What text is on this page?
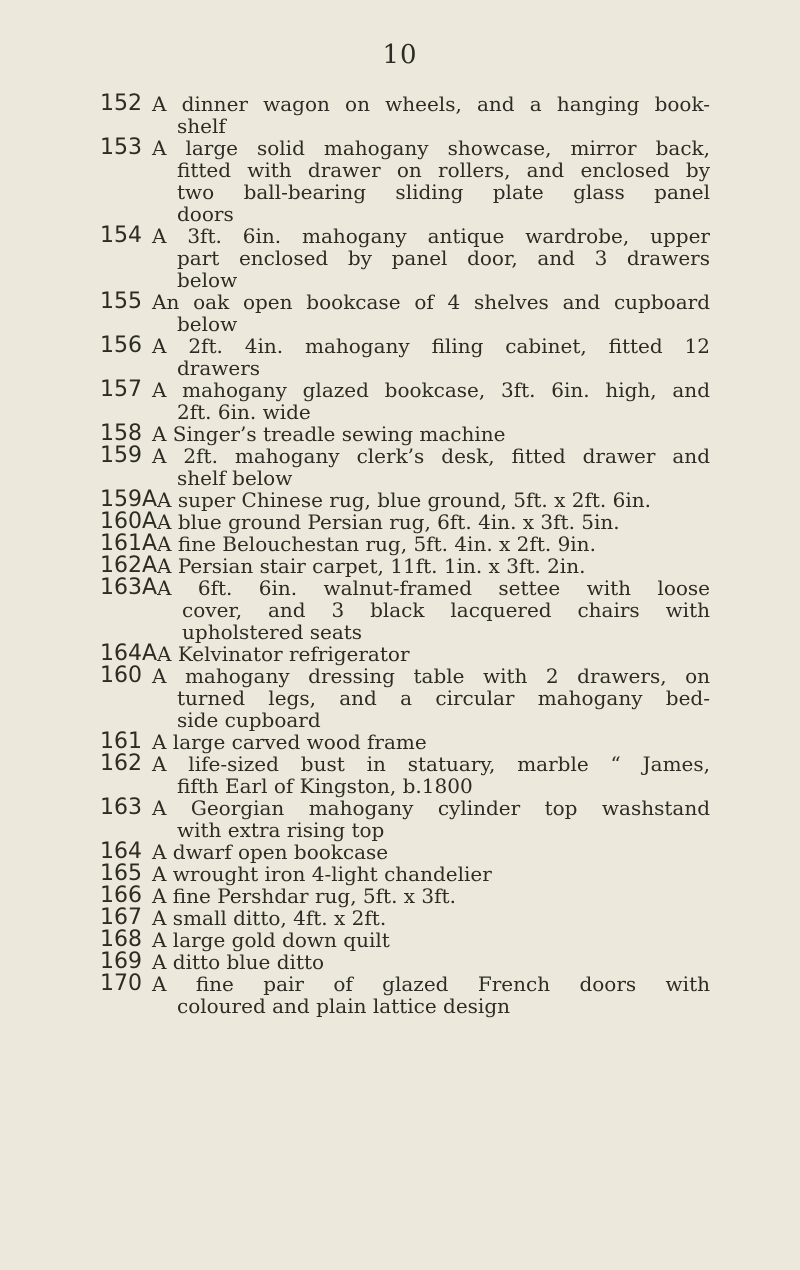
10
152 A dinner wagon on wheels, and a hanging book-
shelf
153 A large solid mahogany showcase, mirror back,
fitted with drawer on rollers, and enclosed by
two ball-bearing sliding plate glass panel
doors
154 A 3ft. 6in. mahogany antique wardrobe, upper
part enclosed by panel door, and 3 drawers
below
155 An oak open bookcase of 4 shelves and cupboard
below
156 A 2ft. 4in. mahogany filing cabinet, fitted 12
drawers
157 A mahogany glazed bookcase, 3ft. 6in. high, and
2ft. 6in. wide
158 A Singer’s treadle sewing machine
159 A 2ft. mahogany clerk’s desk, fitted drawer and
shelf below
159A A super Chinese rug, blue ground, 5ft. x 2ft. 6in.
160A A blue ground Persian rug, 6ft. 4in. x 3ft. 5in.
161A A fine Belouchestan rug, 5ft. 4in. x 2ft. 9in.
162A A Persian stair carpet, 11ft. 1in. x 3ft. 2in.
163A A 6ft. 6in. walnut-framed settee with loose
cover, and 3 black lacquered chairs with
upholstered seats
164A A Kelvinator refrigerator
160 A mahogany dressing table with 2 drawers, on
turned legs, and a circular mahogany bed-
side cupboard
161 A large carved wood frame
162 A life-sized bust in statuary, marble “ James,
fifth Earl of Kingston, b.1800
163 A Georgian mahogany cylinder top washstand
with extra rising top
164 A dwarf open bookcase
165 A wrought iron 4-light chandelier
166 A fine Pershdar rug, 5ft. x 3ft.
167 A small ditto, 4ft. x 2ft.
168 A large gold down quilt
169 A ditto blue ditto
170 A fine pair of glazed French doors with
coloured and plain lattice design
